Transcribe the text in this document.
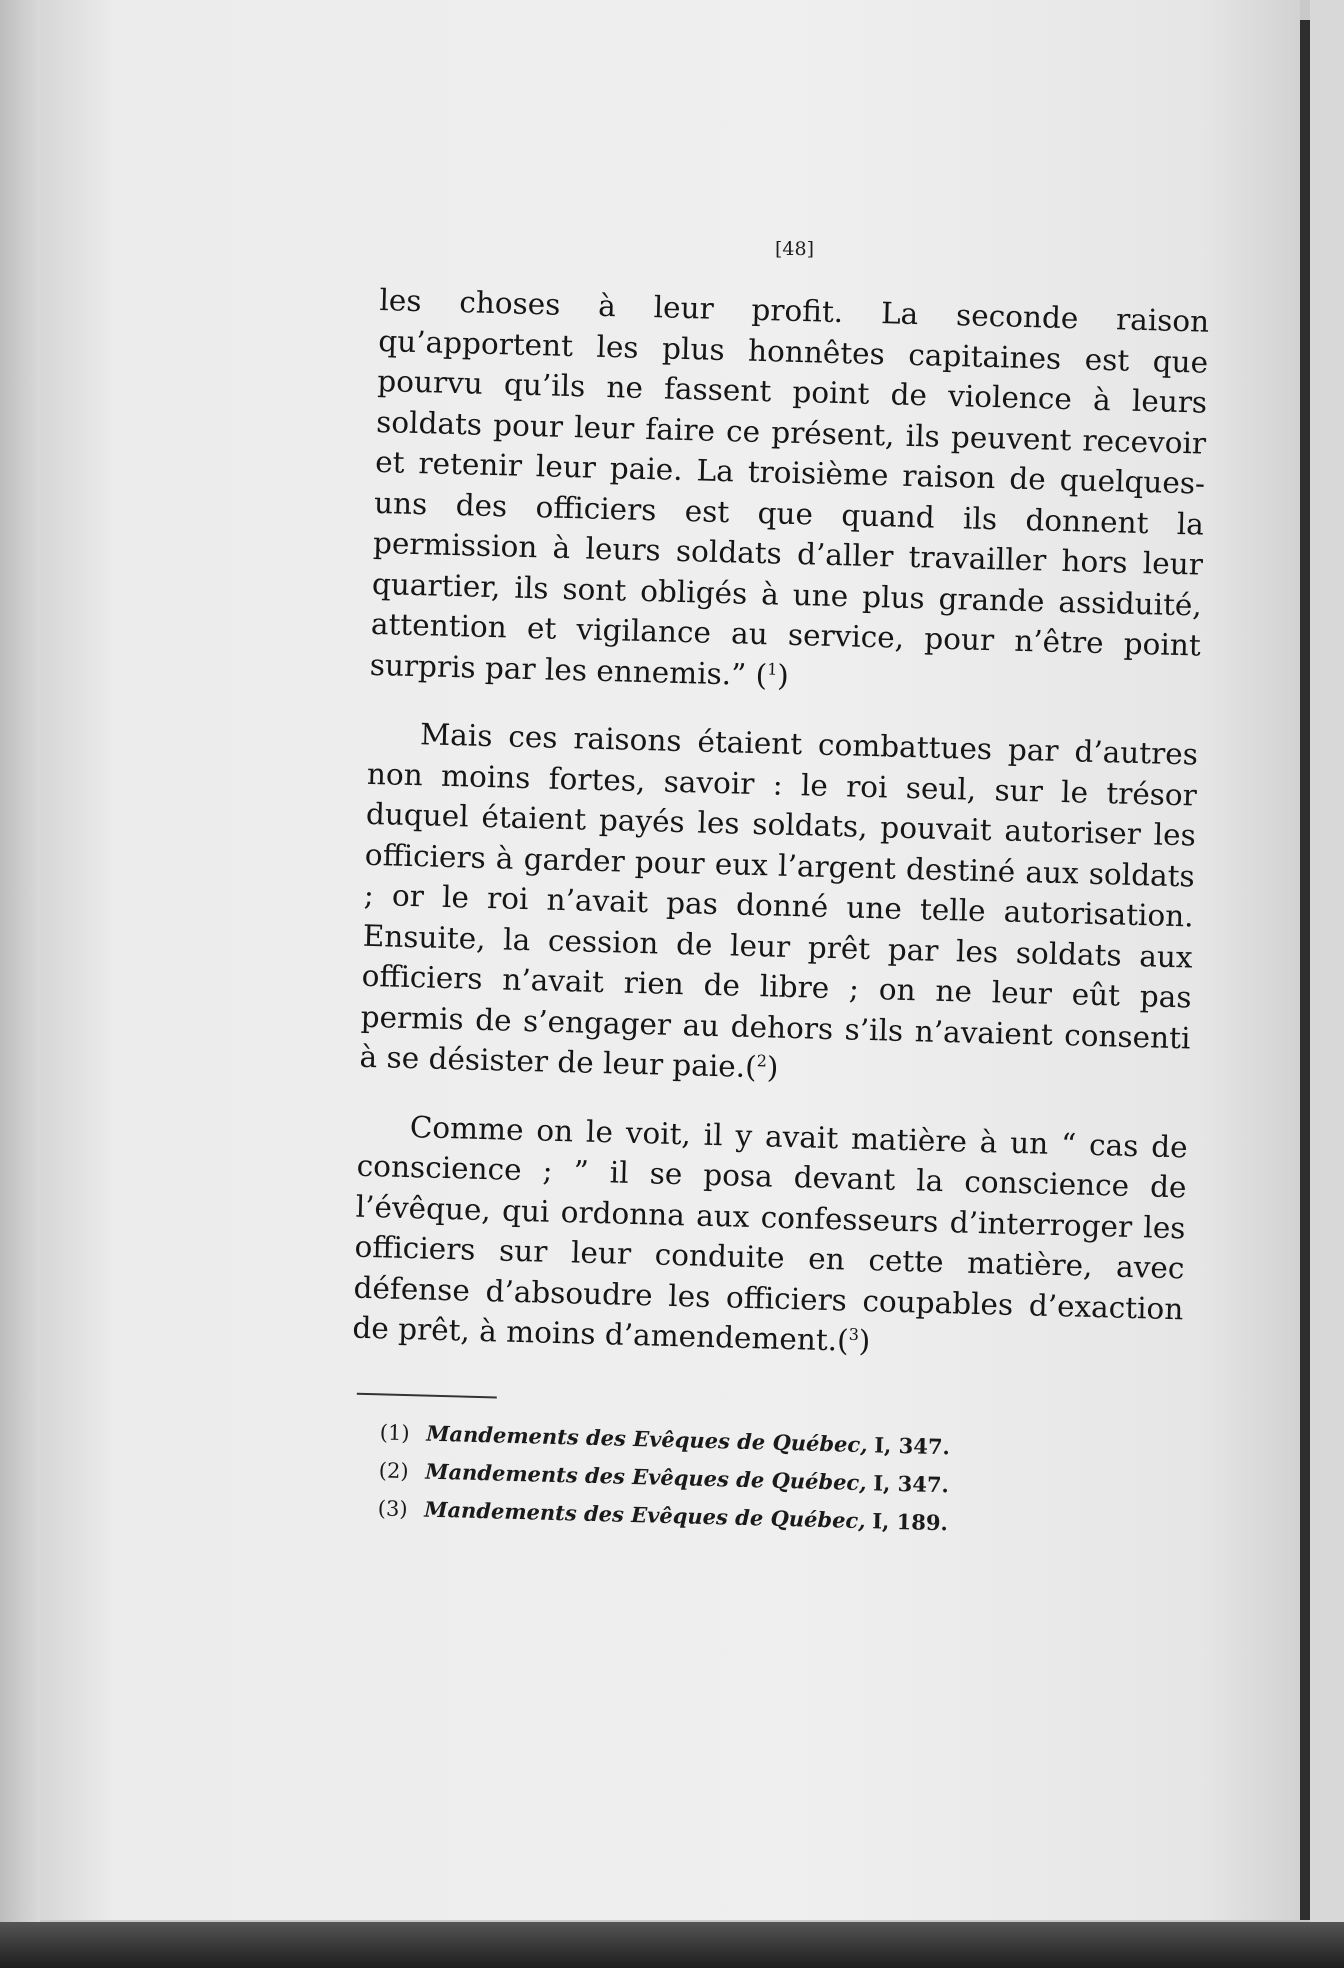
[48]

les choses à leur profit. La seconde raison qu’apportent les plus honnêtes capitaines est que pourvu qu’ils ne fassent point de violence à leurs soldats pour leur faire ce présent, ils peuvent recevoir et retenir leur paie. La troisième raison de quelques-uns des officiers est que quand ils donnent la permission à leurs soldats d’aller travailler hors leur quartier, ils sont obligés à une plus grande assiduité, attention et vigilance au service, pour n’être point surpris par les ennemis.” ($^1$)

Mais ces raisons étaient combattues par d’autres non moins fortes, savoir : le roi seul, sur le trésor duquel étaient payés les soldats, pouvait autoriser les officiers à garder pour eux l’argent destiné aux soldats ; or le roi n’avait pas donné une telle autorisation. Ensuite, la cession de leur prêt par les soldats aux officiers n’avait rien de libre ; on ne leur eût pas permis de s’engager au dehors s’ils n’avaient consenti à se désister de leur paie.($^2$)

Comme on le voit, il y avait matière à un “ cas de conscience ; ” il se posa devant la conscience de l’évêque, qui ordonna aux confesseurs d’interroger les officiers sur leur conduite en cette matière, avec défense d’absoudre les officiers coupables d’exaction de prêt, à moins d’amendement.($^3$)

(1) Mandements des Evêques de Québec, I, 347.
(2) Mandements des Evêques de Québec, I, 347.
(3) Mandements des Evêques de Québec, I, 189.
